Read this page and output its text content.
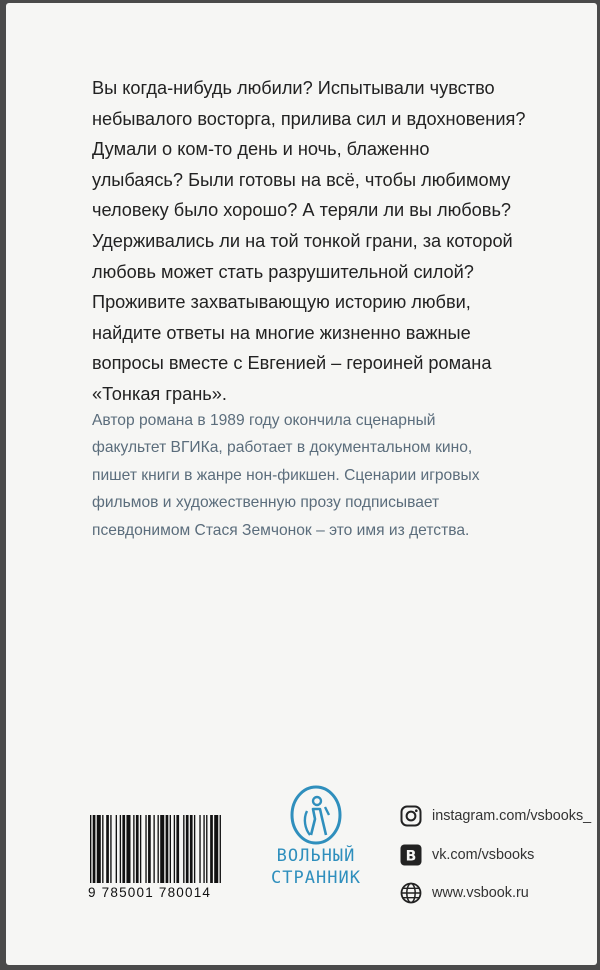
Вы когда-нибудь любили? Испытывали чувство
небывалого восторга, прилива сил и вдохновения?
Думали о ком-то день и ночь, блаженно
улыбаясь? Были готовы на всё, чтобы любимому
человеку было хорошо? А теряли ли вы любовь?
Удерживались ли на той тонкой грани, за которой
любовь может стать разрушительной силой?
Проживите захватывающую историю любви,
найдите ответы на многие жизненно важные
вопросы вместе с Евгенией – героиней романа
«Тонкая грань».

Автор романа в 1989 году окончила сценарный
факультет ВГИКа, работает в документальном кино,
пишет книги в жанре нон-фикшен. Сценарии игровых
фильмов и художественную прозу подписывает
псевдонимом Стася Земчонок – это имя из детства.

9 785001 780014
ВОЛЬНЫЙ
СТРАННИК
instagram.com/vsbooks_
B vk.com/vsbooks
www.vsbook.ru
